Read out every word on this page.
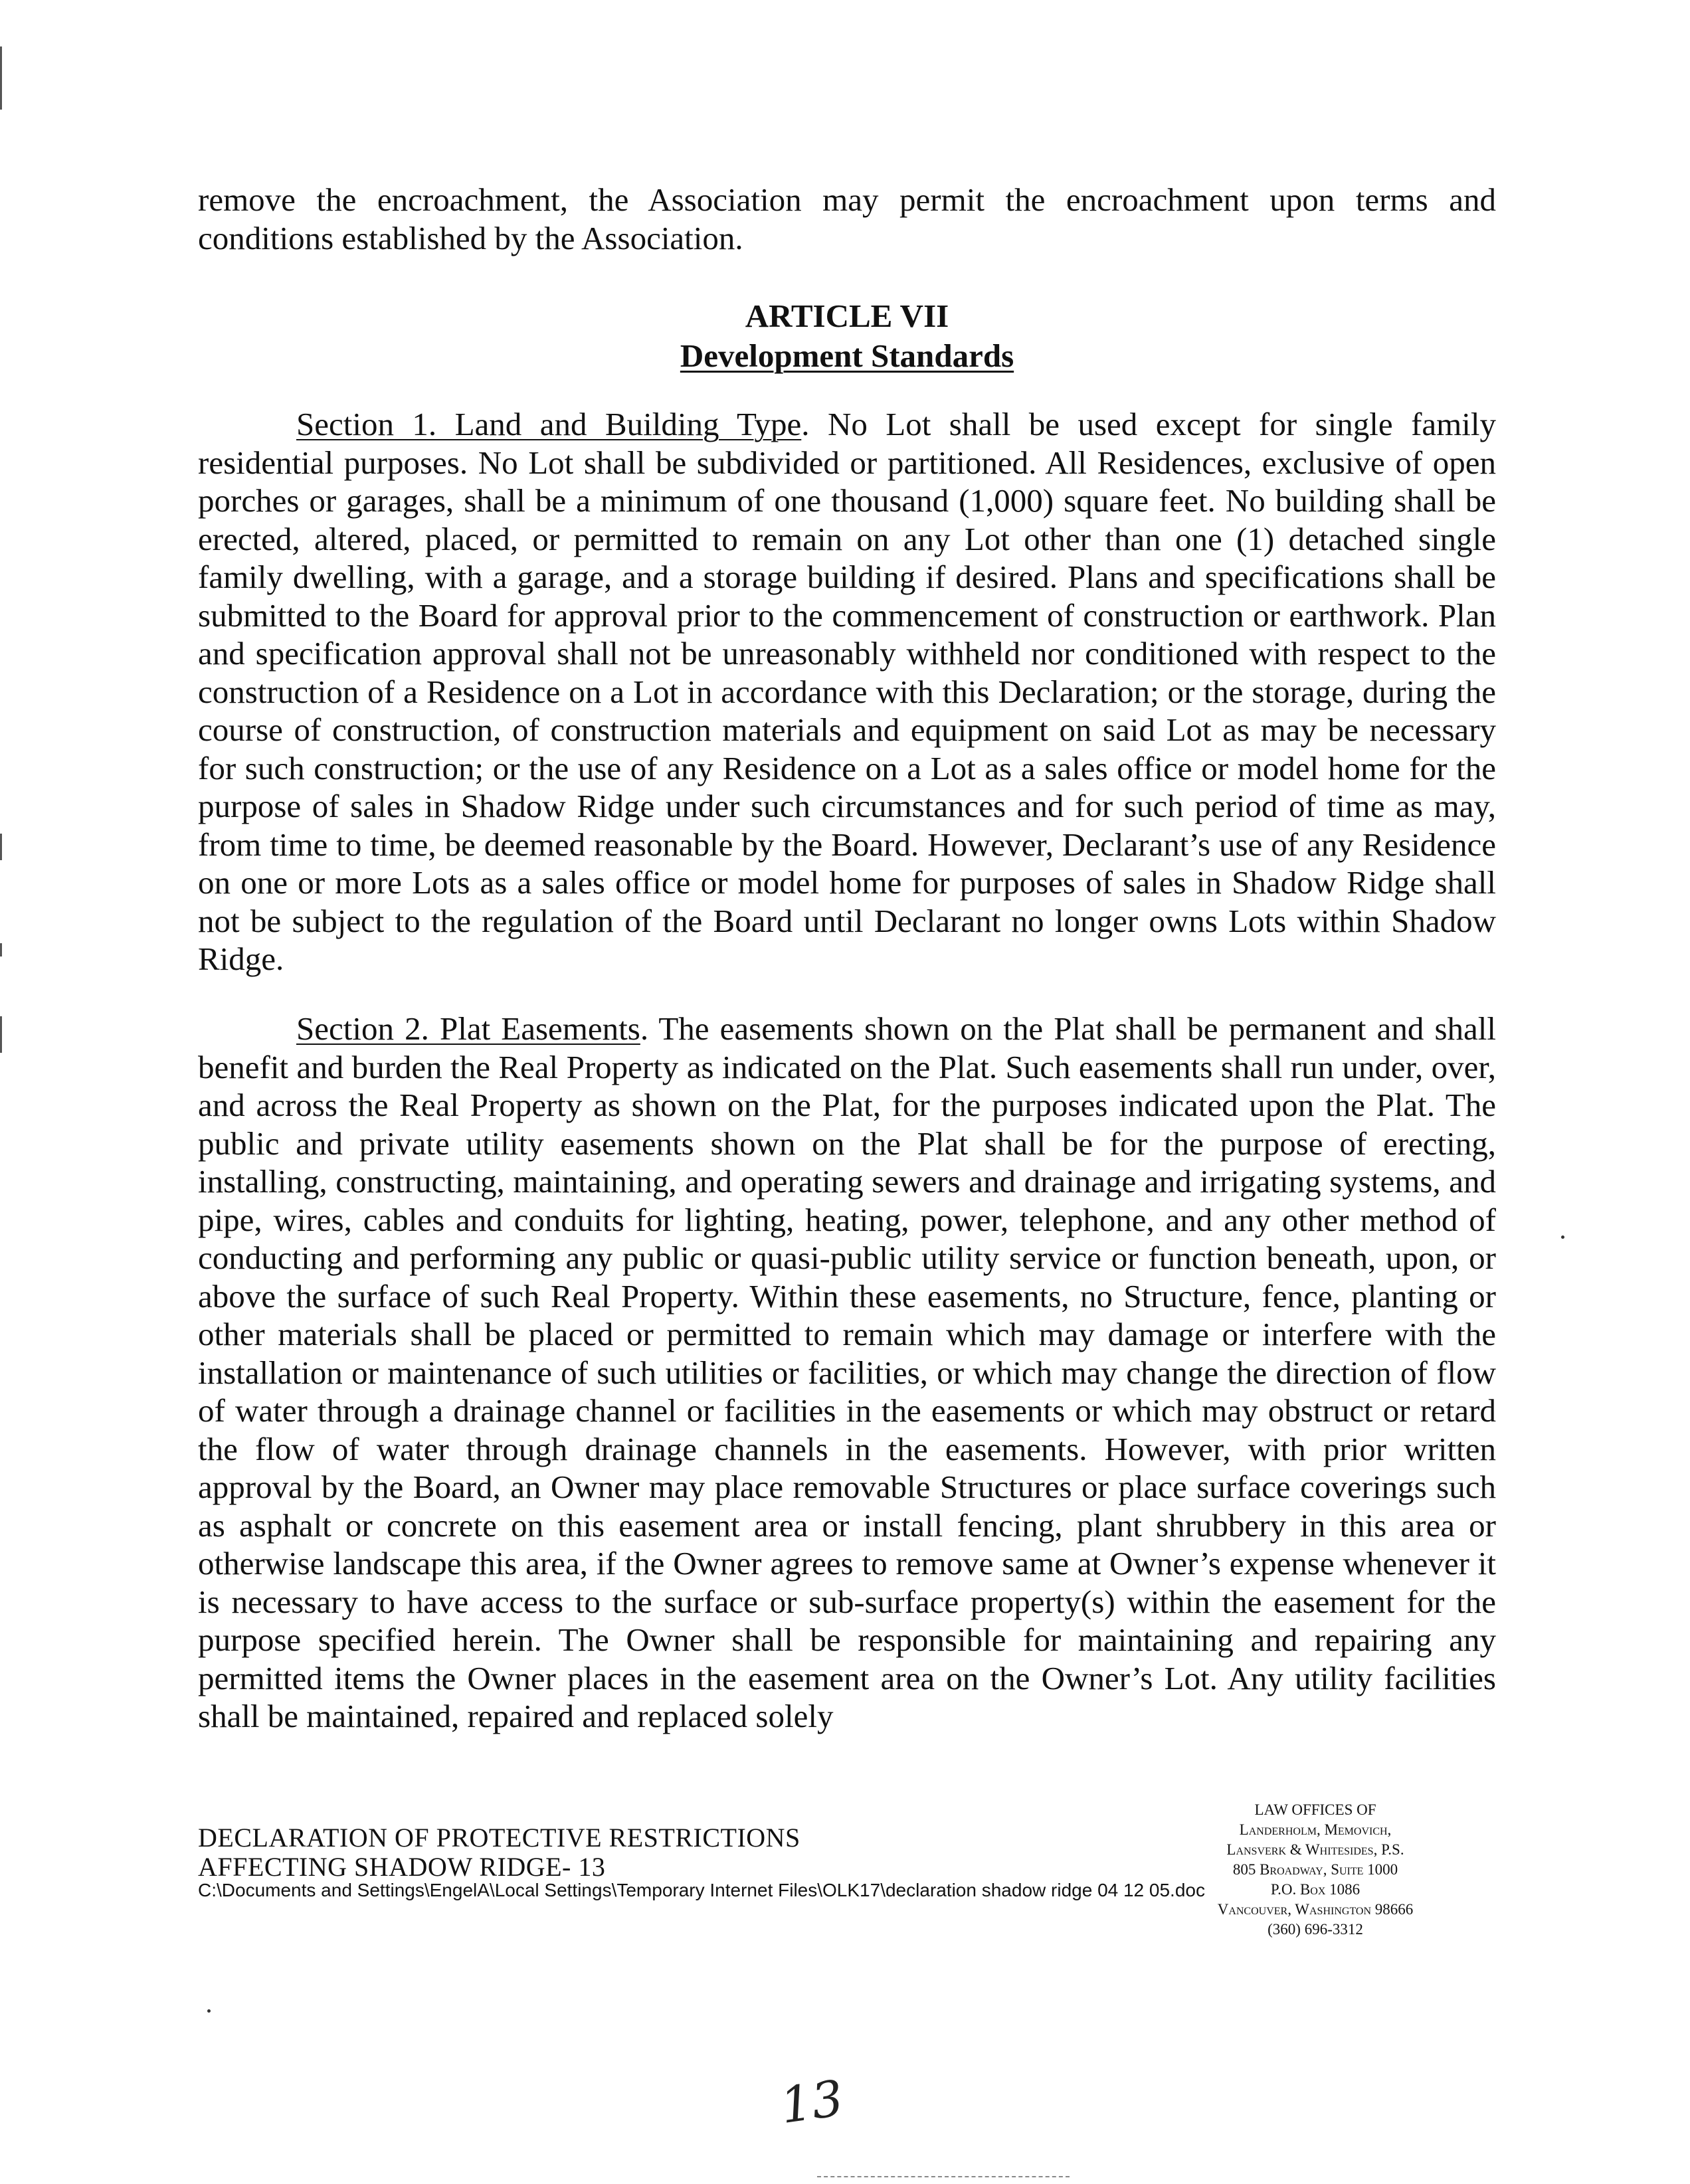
remove the encroachment, the Association may permit the encroachment upon terms and conditions established by the Association.

ARTICLE VII
Development Standards

Section 1. Land and Building Type. No Lot shall be used except for single family residential purposes. No Lot shall be subdivided or partitioned. All Residences, exclusive of open porches or garages, shall be a minimum of one thousand (1,000) square feet. No building shall be erected, altered, placed, or permitted to remain on any Lot other than one (1) detached single family dwelling, with a garage, and a storage building if desired. Plans and specifications shall be submitted to the Board for approval prior to the commencement of construction or earthwork. Plan and specification approval shall not be unreasonably withheld nor conditioned with respect to the construction of a Residence on a Lot in accordance with this Declaration; or the storage, during the course of construction, of construction materials and equipment on said Lot as may be necessary for such construction; or the use of any Residence on a Lot as a sales office or model home for the purpose of sales in Shadow Ridge under such circumstances and for such period of time as may, from time to time, be deemed reasonable by the Board. However, Declarant’s use of any Residence on one or more Lots as a sales office or model home for purposes of sales in Shadow Ridge shall not be subject to the regulation of the Board until Declarant no longer owns Lots within Shadow Ridge.

Section 2. Plat Easements. The easements shown on the Plat shall be permanent and shall benefit and burden the Real Property as indicated on the Plat. Such easements shall run under, over, and across the Real Property as shown on the Plat, for the purposes indicated upon the Plat. The public and private utility easements shown on the Plat shall be for the purpose of erecting, installing, constructing, maintaining, and operating sewers and drainage and irrigating systems, and pipe, wires, cables and conduits for lighting, heating, power, telephone, and any other method of conducting and performing any public or quasi-public utility service or function beneath, upon, or above the surface of such Real Property. Within these easements, no Structure, fence, planting or other materials shall be placed or permitted to remain which may damage or interfere with the installation or maintenance of such utilities or facilities, or which may change the direction of flow of water through a drainage channel or facilities in the easements or which may obstruct or retard the flow of water through drainage channels in the easements. However, with prior written approval by the Board, an Owner may place removable Structures or place surface coverings such as asphalt or concrete on this easement area or install fencing, plant shrubbery in this area or otherwise landscape this area, if the Owner agrees to remove same at Owner’s expense whenever it is necessary to have access to the surface or sub-surface property(s) within the easement for the purpose specified herein. The Owner shall be responsible for maintaining and repairing any permitted items the Owner places in the easement area on the Owner’s Lot. Any utility facilities shall be maintained, repaired and replaced solely

DECLARATION OF PROTECTIVE RESTRICTIONS
AFFECTING SHADOW RIDGE- 13
C:\Documents and Settings\EngelA\Local Settings\Temporary Internet Files\OLK17\declaration shadow ridge 04 12 05.doc
LAW OFFICES OF
Landerholm, Memovich,
Lansverk & Whitesides, P.S.
805 Broadway, Suite 1000
P.O. Box 1086
Vancouver, Washington 98666
(360) 696-3312
13
